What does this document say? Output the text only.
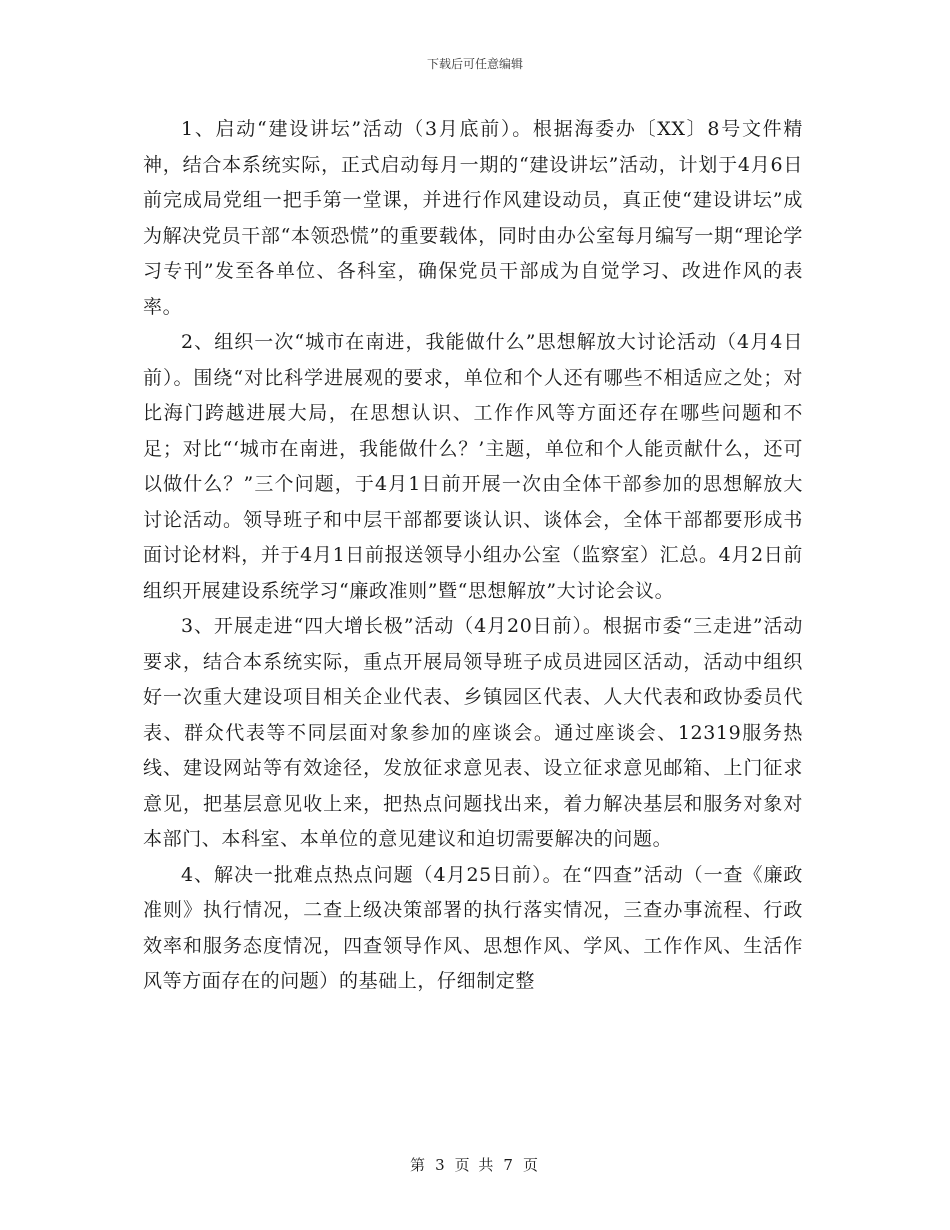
下载后可任意编辑

1、启动“建设讲坛”活动（3月底前）。根据海委办〔XX〕8号文件精神，结合本系统实际，正式启动每月一期的“建设讲坛”活动，计划于4月6日前完成局党组一把手第一堂课，并进行作风建设动员，真正使“建设讲坛”成为解决党员干部“本领恐慌”的重要载体，同时由办公室每月编写一期“理论学习专刊”发至各单位、各科室，确保党员干部成为自觉学习、改进作风的表率。

2、组织一次“城市在南进，我能做什么”思想解放大讨论活动（4月4日前）。围绕“对比科学进展观的要求，单位和个人还有哪些不相适应之处；对比海门跨越进展大局，在思想认识、工作作风等方面还存在哪些问题和不足；对比“‘城市在南进，我能做什么？’主题，单位和个人能贡献什么，还可以做什么？”三个问题，于4月1日前开展一次由全体干部参加的思想解放大讨论活动。领导班子和中层干部都要谈认识、谈体会，全体干部都要形成书面讨论材料，并于4月1日前报送领导小组办公室（监察室）汇总。4月2日前组织开展建设系统学习“廉政准则”暨“思想解放”大讨论会议。

3、开展走进“四大增长极”活动（4月20日前）。根据市委“三走进”活动要求，结合本系统实际，重点开展局领导班子成员进园区活动，活动中组织好一次重大建设项目相关企业代表、乡镇园区代表、人大代表和政协委员代表、群众代表等不同层面对象参加的座谈会。通过座谈会、12319服务热线、建设网站等有效途径，发放征求意见表、设立征求意见邮箱、上门征求意见，把基层意见收上来，把热点问题找出来，着力解决基层和服务对象对本部门、本科室、本单位的意见建议和迫切需要解决的问题。

4、解决一批难点热点问题（4月25日前）。在“四查”活动（一查《廉政准则》执行情况，二查上级决策部署的执行落实情况，三查办事流程、行政效率和服务态度情况，四查领导作风、思想作风、学风、工作作风、生活作风等方面存在的问题）的基础上，仔细制定整

第 3 页 共 7 页
